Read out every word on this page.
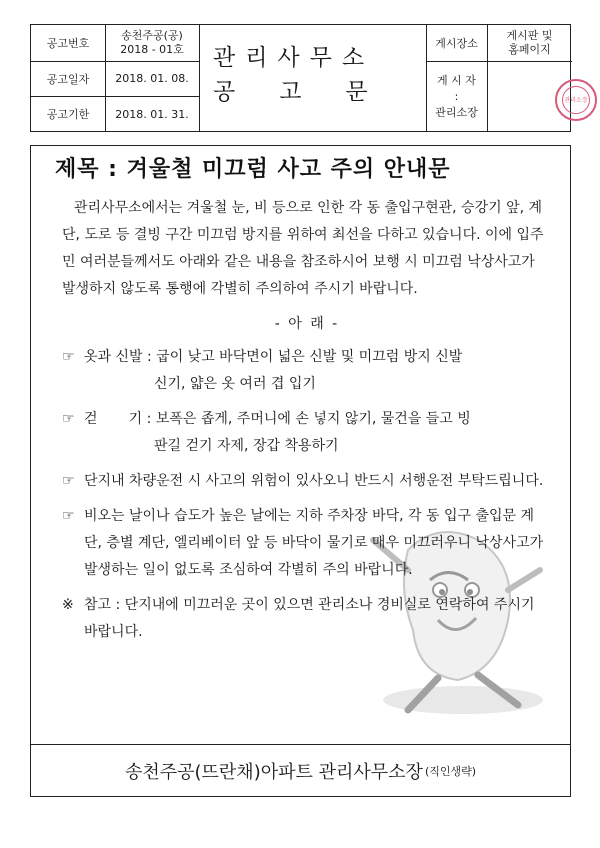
공고번호
송천주공(공)
2018 - 01호
공고일자	2018. 01. 08.
공고기한	2018. 01. 31.
관리사무소
공고문
게시장소
게시판 및
홈페이지
게 시 자
:
관리소장
관리소장
제목 : 겨울철 미끄럼 사고 주의 안내문
관리사무소에서는 겨울철 눈, 비 등으로 인한 각 동 출입구현관, 승강기 앞, 계단, 도로 등 결빙 구간 미끄럼 방지를 위하여 최선을 다하고 있습니다. 이에 입주민 여러분들께서도 아래와 같은 내용을 참조하시어 보행 시 미끄럼 낙상사고가 발생하지 않도록 통행에 각별히 주의하여 주시기 바랍니다.
- 아 래 -
☞ 옷과 신발 : 굽이 낮고 바닥면이 넓은 신발 및 미끄럼 방지 신발
신기, 얇은 옷 여러 겹 입기
☞ 걷       기 : 보폭은 좁게, 주머니에 손 넣지 않기, 물건을 들고 빙
판길 걷기 자제, 장갑 착용하기
☞ 단지내 차량운전 시 사고의 위험이 있사오니 반드시 서행운전 부탁드립니다.
☞ 비오는 날이나 습도가 높은 날에는 지하 주차장 바닥, 각 동 입구 출입문 계단, 층별 계단, 엘리베이터 앞 등 바닥이 물기로 매우 미끄러우니 낙상사고가 발생하는 일이 없도록 조심하여 각별히 주의 바랍니다.
※ 참고 : 단지내에 미끄러운 곳이 있으면 관리소나 경비실로 연락하여 주시기 바랍니다.
송천주공(뜨란채)아파트 관리사무소장 (직인생략)
